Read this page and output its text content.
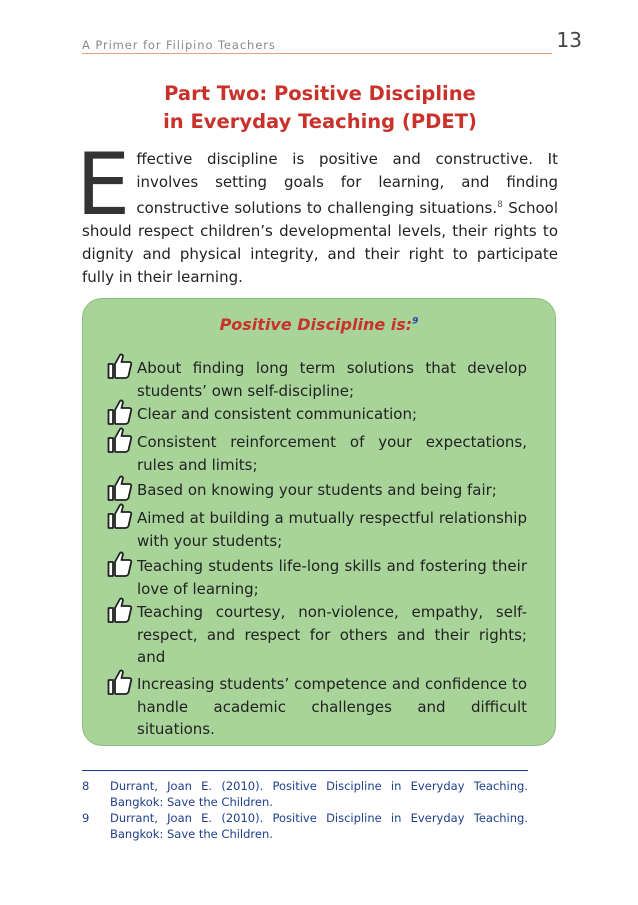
A Primer for Filipino Teachers	13
Part Two: Positive Discipline
in Everyday Teaching (PDET)
Effective discipline is positive and constructive. It involves setting goals for learning, and finding constructive solutions to challenging situations.$^8$ School should respect children’s developmental levels, their rights to dignity and physical integrity, and their right to participate fully in their learning.
Positive Discipline is:$^9$
About finding long term solutions that develop students’ own self-discipline;
Clear and consistent communication;
Consistent reinforcement of your expectations, rules and limits;
Based on knowing your students and being fair;
Aimed at building a mutually respectful relationship with your students;
Teaching students life-long skills and fostering their love of learning;
Teaching courtesy, non-violence, empathy, self-respect, and respect for others and their rights; and
Increasing students’ competence and confidence to handle academic challenges and difficult situations.
8 Durrant, Joan E. (2010). Positive Discipline in Everyday Teaching. Bangkok: Save the Children.
9 Durrant, Joan E. (2010). Positive Discipline in Everyday Teaching. Bangkok: Save the Children.
